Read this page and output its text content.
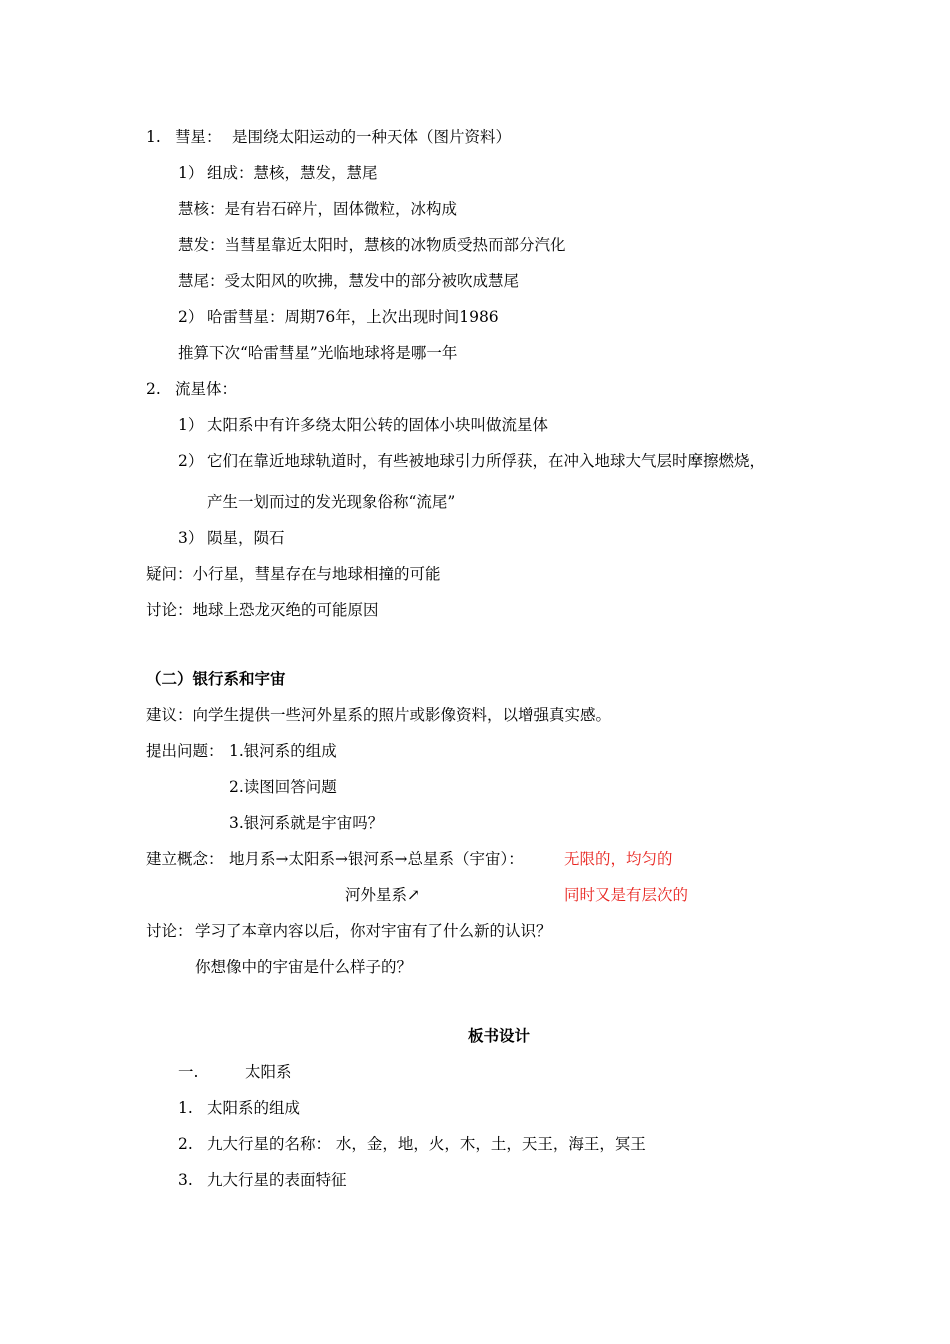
1. 彗星： 是围绕太阳运动的一种天体（图片资料）
1） 组成：慧核，慧发，慧尾
慧核：是有岩石碎片，固体微粒，冰构成
慧发：当彗星靠近太阳时，慧核的冰物质受热而部分汽化
慧尾：受太阳风的吹拂，慧发中的部分被吹成慧尾
2） 哈雷彗星：周期76年，上次出现时间1986
推算下次“哈雷彗星”光临地球将是哪一年
2. 流星体：
1） 太阳系中有许多绕太阳公转的固体小块叫做流星体
2） 它们在靠近地球轨道时，有些被地球引力所俘获，在冲入地球大气层时摩擦燃烧，
产生一划而过的发光现象俗称“流尾”
3） 陨星，陨石
疑问：小行星，彗星存在与地球相撞的可能
讨论：地球上恐龙灭绝的可能原因
（二）银行系和宇宙
建议：向学生提供一些河外星系的照片或影像资料，以增强真实感。
提出问题： 1.银河系的组成
2.读图回答问题
3.银河系就是宇宙吗？
建立概念： 地月系→太阳系→银河系→总星系（宇宙）：	无限的，均匀的
河外星系↗	同时又是有层次的
讨论： 学习了本章内容以后，你对宇宙有了什么新的认识？
你想像中的宇宙是什么样子的？
板书设计
一.	太阳系
1. 太阳系的组成
2. 九大行星的名称： 水，金，地，火，木，土，天王，海王，冥王
3. 九大行星的表面特征
